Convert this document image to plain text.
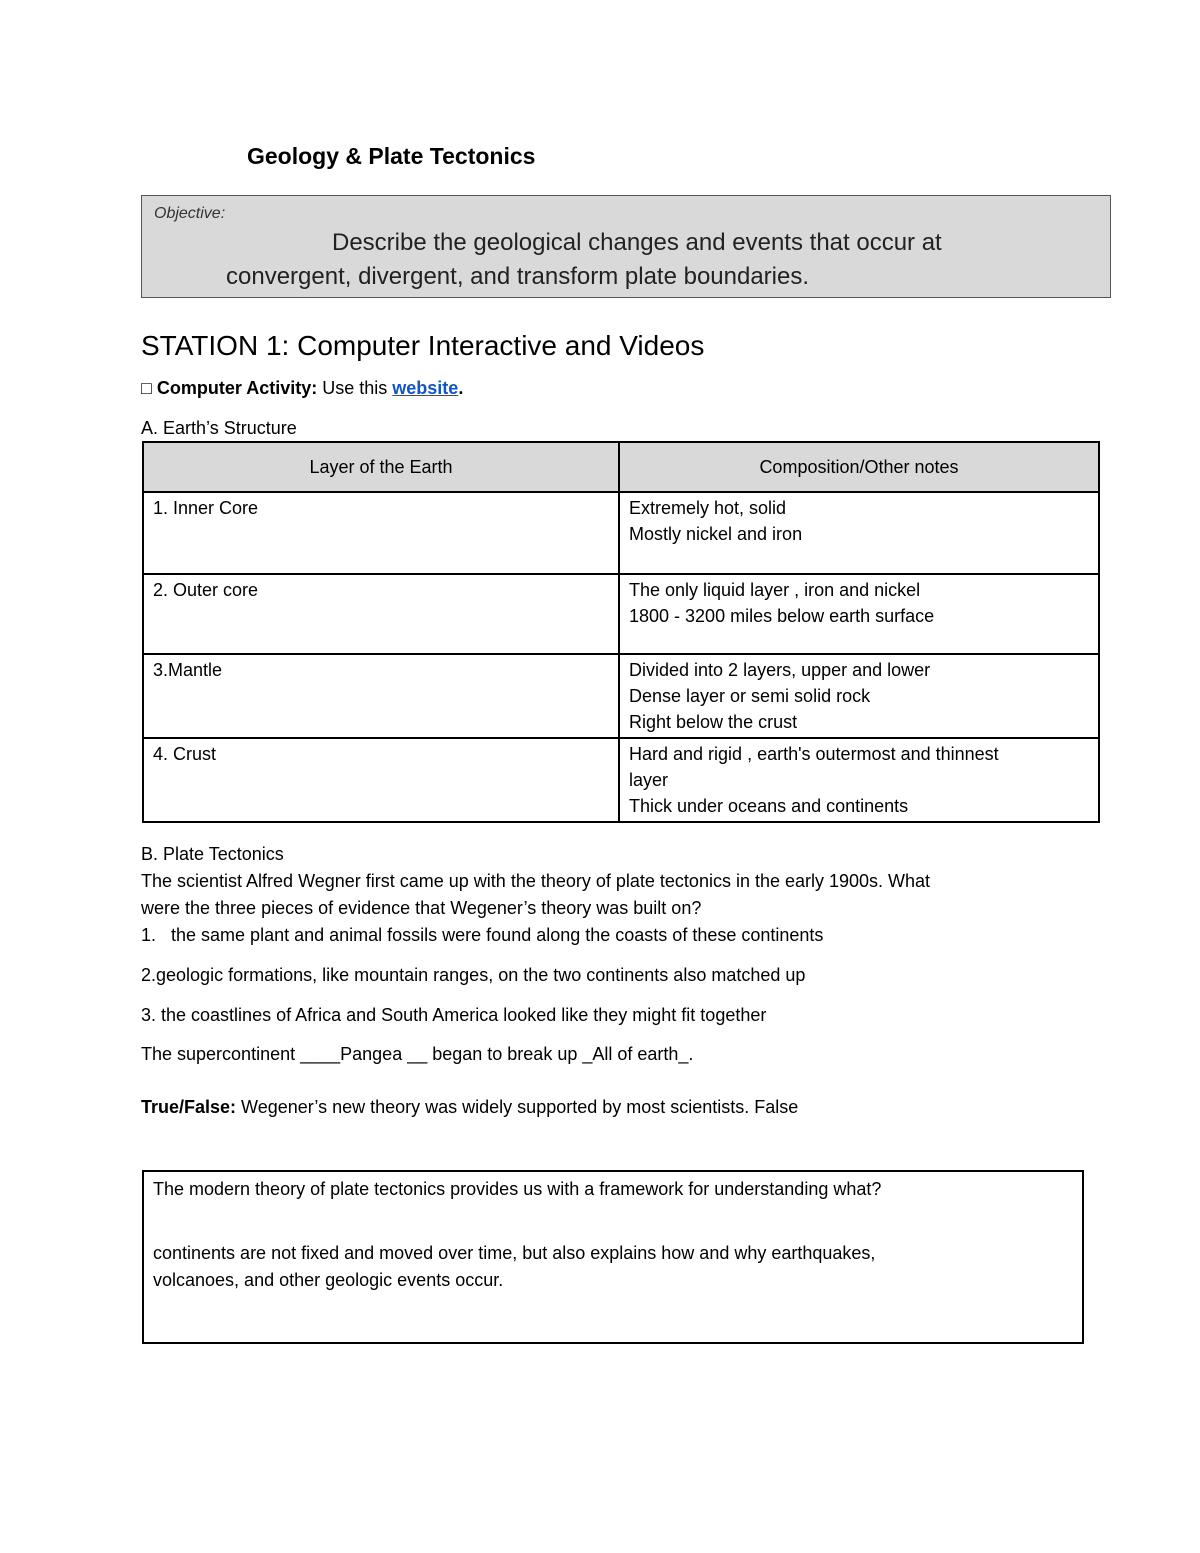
Geology & Plate Tectonics
Objective:
Describe the geological changes and events that occur at
convergent, divergent, and transform plate boundaries.
STATION 1: Computer Interactive and Videos
□ Computer Activity: Use this website.
A. Earth’s Structure
Layer of the Earth	Composition/Other notes
1. Inner Core	Extremely hot, solid
Mostly nickel and iron

2. Outer core	The only liquid layer , iron and nickel
1800 - 3200 miles below earth surface

3.Mantle	Divided into 2 layers, upper and lower
Dense layer or semi solid rock
Right below the crust

4. Crust	Hard and rigid , earth's outermost and thinnest
layer
Thick under oceans and continents
B. Plate Tectonics
The scientist Alfred Wegner first came up with the theory of plate tectonics in the early 1900s. What
were the three pieces of evidence that Wegener’s theory was built on?
1.   the same plant and animal fossils were found along the coasts of these continents
2.geologic formations, like mountain ranges, on the two continents also matched up
3. the coastlines of Africa and South America looked like they might fit together
The supercontinent ____Pangea __ began to break up _All of earth_.
True/False: Wegener’s new theory was widely supported by most scientists. False
The modern theory of plate tectonics provides us with a framework for understanding what?
continents are not fixed and moved over time, but also explains how and why earthquakes,
volcanoes, and other geologic events occur.
